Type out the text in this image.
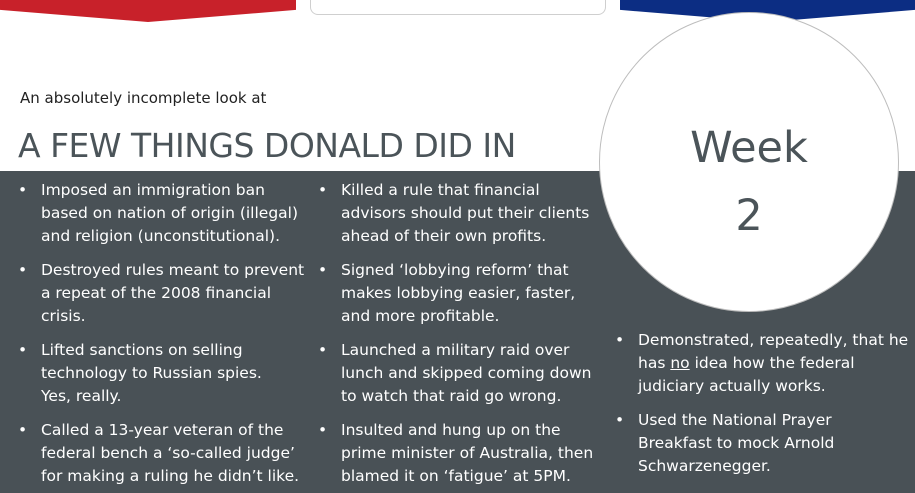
An absolutely incomplete look at
A FEW THINGS DONALD DID IN
• Imposed an immigration ban
based on nation of origin (illegal)
and religion (unconstitutional).
• Destroyed rules meant to prevent
a repeat of the 2008 financial
crisis.
• Lifted sanctions on selling
technology to Russian spies.
Yes, really.
• Called a 13-year veteran of the
federal bench a ‘so-called judge’
for making a ruling he didn’t like.
• Killed a rule that financial
advisors should put their clients
ahead of their own profits.
• Signed ‘lobbying reform’ that
makes lobbying easier, faster,
and more profitable.
• Launched a military raid over
lunch and skipped coming down
to watch that raid go wrong.
• Insulted and hung up on the
prime minister of Australia, then
blamed it on ‘fatigue’ at 5PM.
Week
2
• Demonstrated, repeatedly, that he
has no idea how the federal
judiciary actually works.
• Used the National Prayer
Breakfast to mock Arnold
Schwarzenegger.
